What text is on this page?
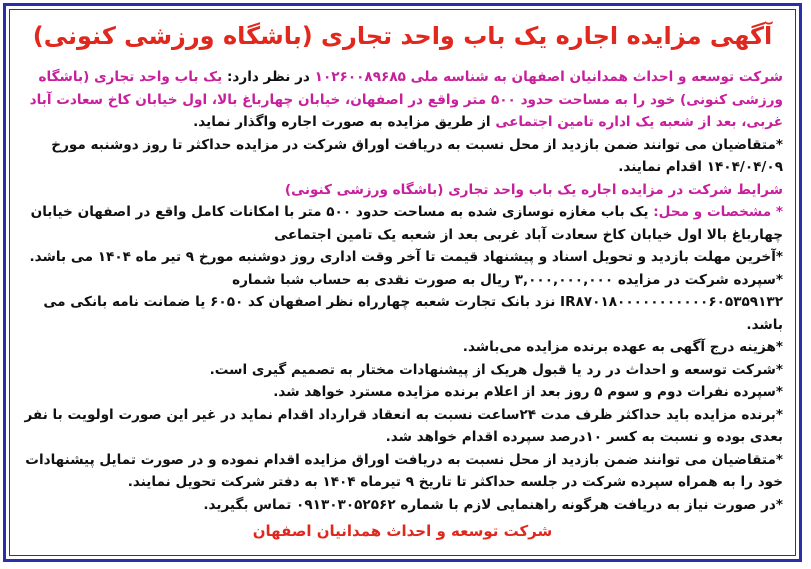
آگهی مزایده اجاره یک باب واحد تجاری (باشگاه ورزشی کنونی)

شرکت توسعه و احداث همدانیان اصفهان به شناسه ملی ۱۰۲۶۰۰۸۹۶۸۵ در نظر دارد: یک باب واحد تجاری (باشگاه ورزشی کنونی) خود را به مساحت حدود ۵۰۰ متر واقع در اصفهان، خیابان چهارباغ بالا، اول خیابان کاخ سعادت آباد غربی، بعد از شعبه یک اداره تامین اجتماعی از طریق مزایده به صورت اجاره واگذار نماید.

*متقاضیان می توانند ضمن بازدید از محل نسبت به دریافت اوراق شرکت در مزایده حداکثر تا روز دوشنبه مورخ ۱۴۰۴/۰۴/۰۹ اقدام نمایند.

شرایط شرکت در مزایده اجاره یک باب واحد تجاری (باشگاه ورزشی کنونی)

* مشخصات و محل: یک باب مغازه نوسازی شده به مساحت حدود ۵۰۰ متر با امکانات کامل واقع در اصفهان خیابان چهارباغ بالا اول خیابان کاخ سعادت آباد غربی بعد از شعبه یک تامین اجتماعی

*آخرین مهلت بازدید و تحویل اسناد و پیشنهاد قیمت تا آخر وقت اداری روز دوشنبه مورخ ۹ تیر ماه ۱۴۰۴ می باشد.

*سپرده شرکت در مزایده ۳,۰۰۰,۰۰۰,۰۰۰ ریال به صورت نقدی به حساب شبا شماره IR۸۷۰۱۸۰۰۰۰۰۰۰۰۰۰۰۶۰۵۳۵۹۱۳۲ نزد بانک تجارت شعبه چهارراه نظر اصفهان کد ۶۰۵۰ یا ضمانت نامه بانکی می باشد.

*هزینه درج آگهی به عهده برنده مزایده می‌باشد.

*شرکت توسعه و احداث در رد یا قبول هریک از پیشنهادات مختار به تصمیم گیری است.

*سپرده نفرات دوم و سوم ۵ روز بعد از اعلام برنده مزایده مسترد خواهد شد.

*برنده مزایده باید حداکثر ظرف مدت ۲۴ساعت نسبت به انعقاد قرارداد اقدام نماید در غیر این صورت اولویت با نفر بعدی بوده و نسبت به کسر ۱۰درصد سپرده اقدام خواهد شد.

*متقاضیان می توانند ضمن بازدید از محل نسبت به دریافت اوراق مزایده اقدام نموده و در صورت تمایل پیشنهادات خود را به همراه سپرده شرکت در جلسه حداکثر تا تاریخ ۹ تیرماه ۱۴۰۴ به دفتر شرکت تحویل نمایند.

*در صورت نیاز به دریافت هرگونه راهنمایی لازم با شماره ۰۹۱۳۰۳۰۵۲۵۶۲ تماس بگیرید.

شرکت توسعه و احداث همدانیان اصفهان
